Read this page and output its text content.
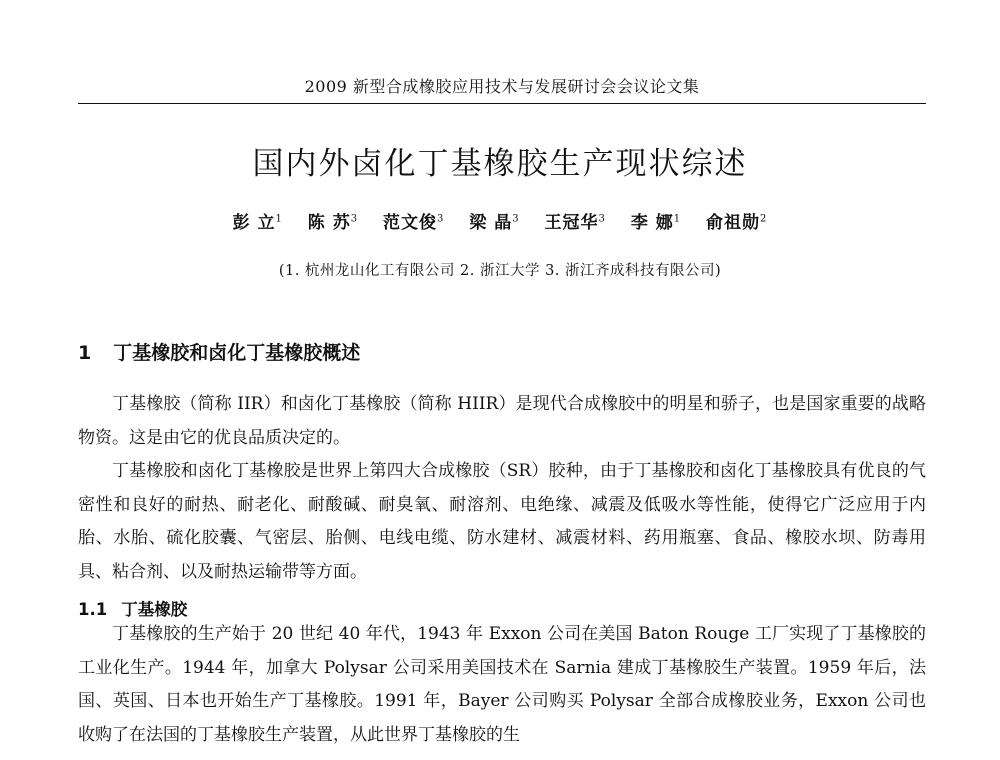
2009 新型合成橡胶应用技术与发展研讨会会议论文集
国内外卤化丁基橡胶生产现状综述
彭 立$^1$ 陈 苏$^3$ 范文俊$^3$ 梁 晶$^3$ 王冠华$^3$ 李 娜$^1$ 俞祖勋$^2$
(1. 杭州龙山化工有限公司 2. 浙江大学 3. 浙江齐成科技有限公司)
1 丁基橡胶和卤化丁基橡胶概述

丁基橡胶（简称 IIR）和卤化丁基橡胶（简称 HIIR）是现代合成橡胶中的明星和骄子，也是国家重要的战略物资。这是由它的优良品质决定的。

丁基橡胶和卤化丁基橡胶是世界上第四大合成橡胶（SR）胶种，由于丁基橡胶和卤化丁基橡胶具有优良的气密性和良好的耐热、耐老化、耐酸碱、耐臭氧、耐溶剂、电绝缘、减震及低吸水等性能，使得它广泛应用于内胎、水胎、硫化胶囊、气密层、胎侧、电线电缆、防水建材、减震材料、药用瓶塞、食品、橡胶水坝、防毒用具、粘合剂、以及耐热运输带等方面。

1.1 丁基橡胶

丁基橡胶的生产始于 20 世纪 40 年代，1943 年 Exxon 公司在美国 Baton Rouge 工厂实现了丁基橡胶的工业化生产。1944 年，加拿大 Polysar 公司采用美国技术在 Sarnia 建成丁基橡胶生产装置。1959 年后，法国、英国、日本也开始生产丁基橡胶。1991 年，Bayer 公司购买 Polysar 全部合成橡胶业务，Exxon 公司也收购了在法国的丁基橡胶生产装置，从此世界丁基橡胶的生
